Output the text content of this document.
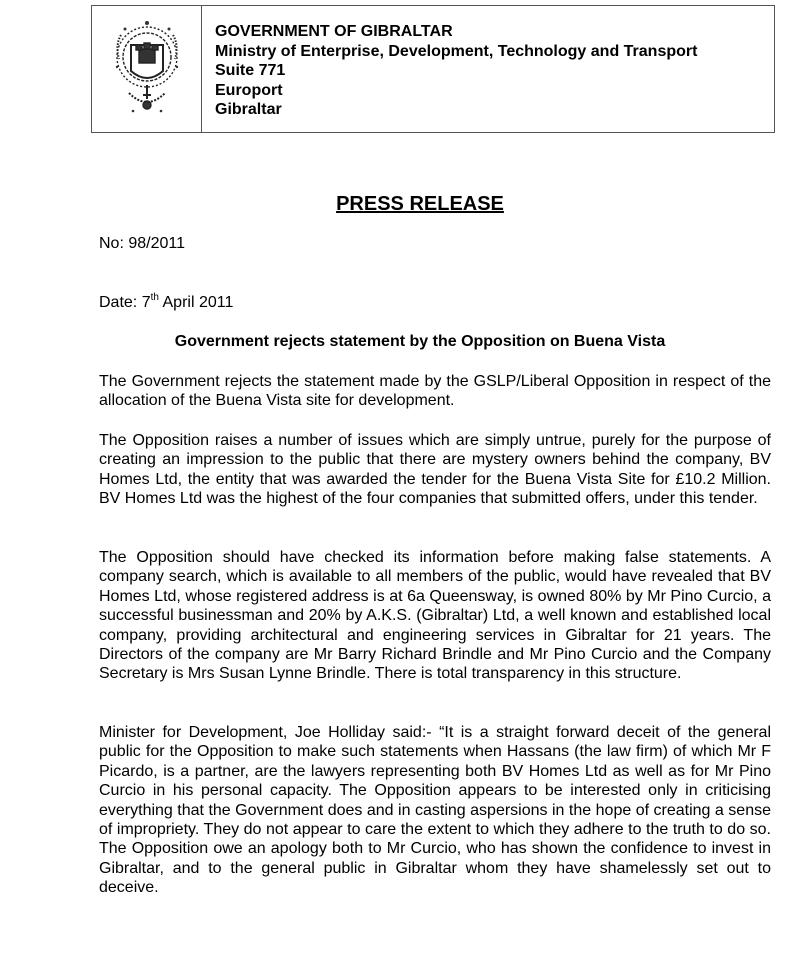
GOVERNMENT OF GIBRALTAR
Ministry of Enterprise, Development, Technology and Transport
Suite 771
Europort
Gibraltar
PRESS RELEASE
No: 98/2011
Date: 7th April 2011
Government rejects statement by the Opposition on Buena Vista
The Government rejects the statement made by the GSLP/Liberal Opposition in respect of the allocation of the Buena Vista site for development.
The Opposition raises a number of issues which are simply untrue, purely for the purpose of creating an impression to the public that there are mystery owners behind the company, BV Homes Ltd, the entity that was awarded the tender for the Buena Vista Site for £10.2 Million. BV Homes Ltd was the highest of the four companies that submitted offers, under this tender.
The Opposition should have checked its information before making false statements. A company search, which is available to all members of the public, would have revealed that BV Homes Ltd, whose registered address is at 6a Queensway, is owned 80% by Mr Pino Curcio, a successful businessman and 20% by A.K.S. (Gibraltar) Ltd, a well known and established local company, providing architectural and engineering services in Gibraltar for 21 years. The Directors of the company are Mr Barry Richard Brindle and Mr Pino Curcio and the Company Secretary is Mrs Susan Lynne Brindle. There is total transparency in this structure.
Minister for Development, Joe Holliday said:- “It is a straight forward deceit of the general public for the Opposition to make such statements when Hassans (the law firm) of which Mr F Picardo, is a partner, are the lawyers representing both BV Homes Ltd as well as for Mr Pino Curcio in his personal capacity. The Opposition appears to be interested only in criticising everything that the Government does and in casting aspersions in the hope of creating a sense of impropriety. They do not appear to care the extent to which they adhere to the truth to do so. The Opposition owe an apology both to Mr Curcio, who has shown the confidence to invest in Gibraltar, and to the general public in Gibraltar whom they have shamelessly set out to deceive.
